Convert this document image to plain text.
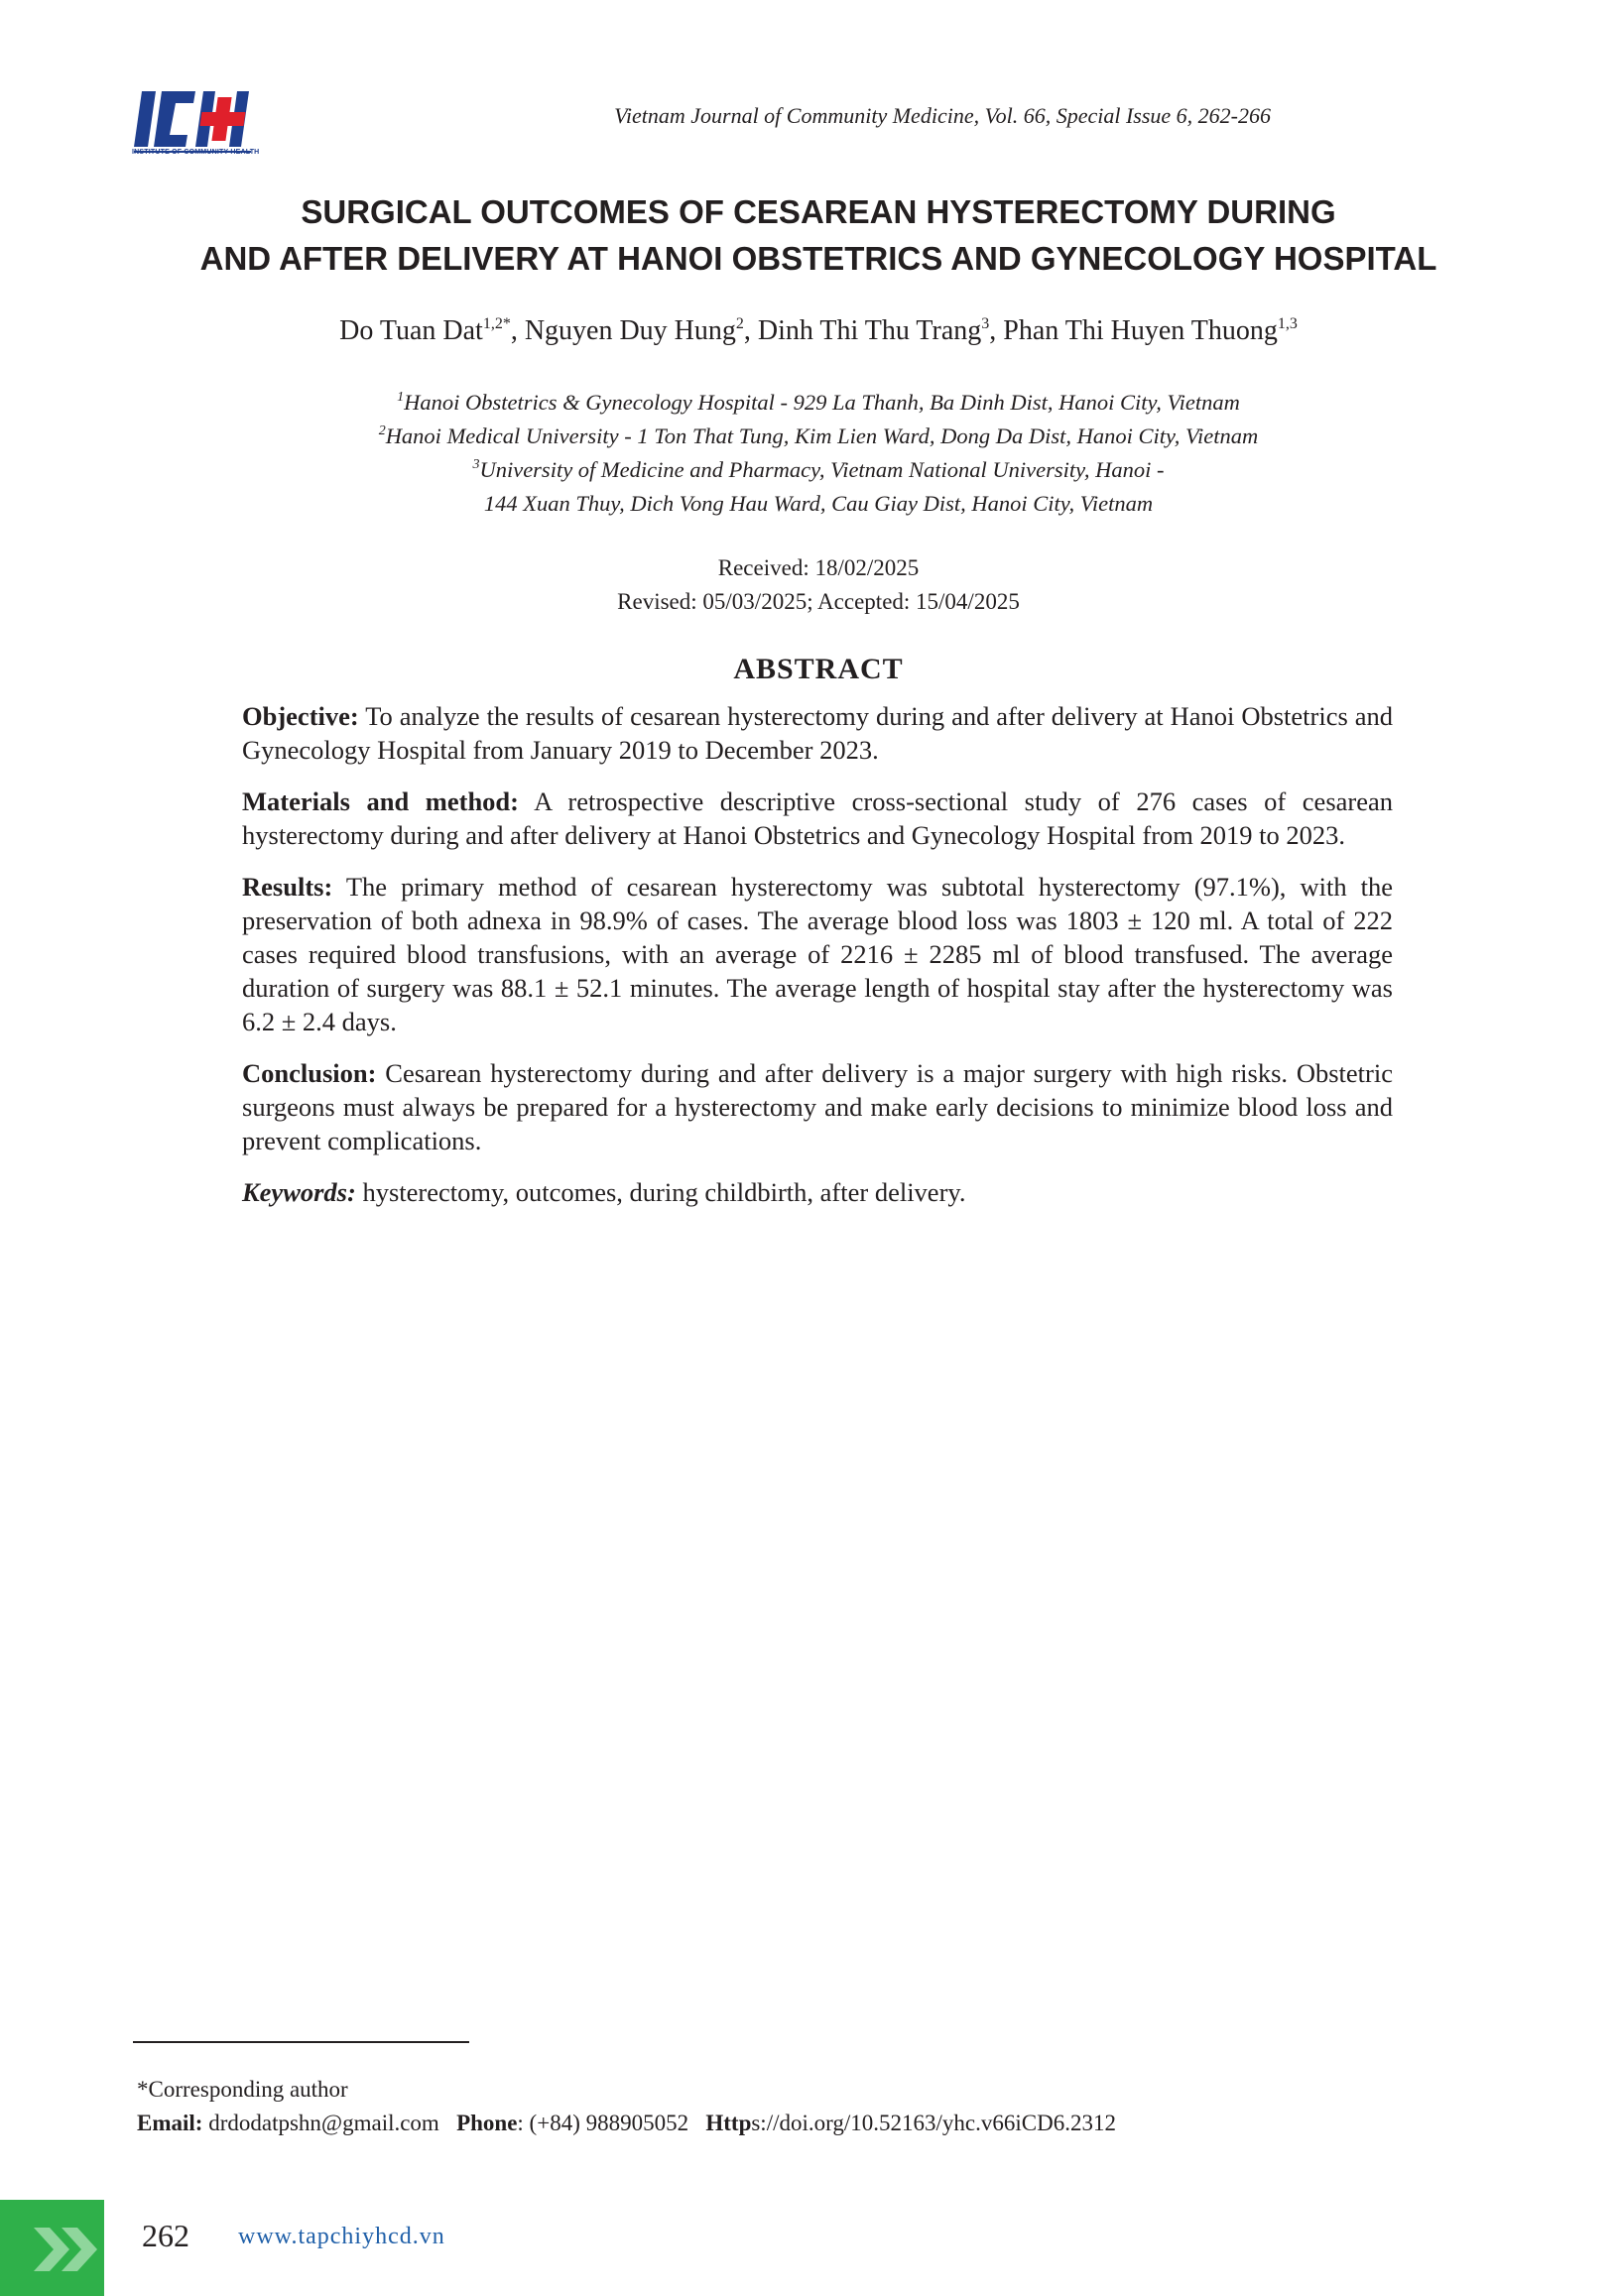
INSTITUTE OF COMMUNITY HEALTH
Vietnam Journal of Community Medicine, Vol. 66, Special Issue 6, 262-266
SURGICAL OUTCOMES OF CESAREAN HYSTERECTOMY DURING
AND AFTER DELIVERY AT HANOI OBSTETRICS AND GYNECOLOGY HOSPITAL
Do Tuan Dat$^{1,2*}$, Nguyen Duy Hung$^2$, Dinh Thi Thu Trang$^3$, Phan Thi Huyen Thuong$^{1,3}$
$^1$Hanoi Obstetrics & Gynecology Hospital - 929 La Thanh, Ba Dinh Dist, Hanoi City, Vietnam
$^2$Hanoi Medical University - 1 Ton That Tung, Kim Lien Ward, Dong Da Dist, Hanoi City, Vietnam
$^3$University of Medicine and Pharmacy, Vietnam National University, Hanoi -
144 Xuan Thuy, Dich Vong Hau Ward, Cau Giay Dist, Hanoi City, Vietnam
Received: 18/02/2025
Revised: 05/03/2025; Accepted: 15/04/2025
ABSTRACT

Objective: To analyze the results of cesarean hysterectomy during and after delivery at Hanoi Obstetrics and Gynecology Hospital from January 2019 to December 2023.

Materials and method: A retrospective descriptive cross-sectional study of 276 cases of cesarean hysterectomy during and after delivery at Hanoi Obstetrics and Gynecology Hospital from 2019 to 2023.

Results: The primary method of cesarean hysterectomy was subtotal hysterectomy (97.1%), with the preservation of both adnexa in 98.9% of cases. The average blood loss was 1803 ± 120 ml. A total of 222 cases required blood transfusions, with an average of 2216 ± 2285 ml of blood transfused. The average duration of surgery was 88.1 ± 52.1 minutes. The average length of hospital stay after the hysterectomy was 6.2 ± 2.4 days.

Conclusion: Cesarean hysterectomy during and after delivery is a major surgery with high risks. Obstetric surgeons must always be prepared for a hysterectomy and make early decisions to minimize blood loss and prevent complications.

Keywords: hysterectomy, outcomes, during childbirth, after delivery.

*Corresponding author
Email: drdodatpshn@gmail.com Phone: (+84) 988905052 Https://doi.org/10.52163/yhc.v66iCD6.2312
262 www.tapchiyhcd.vn
